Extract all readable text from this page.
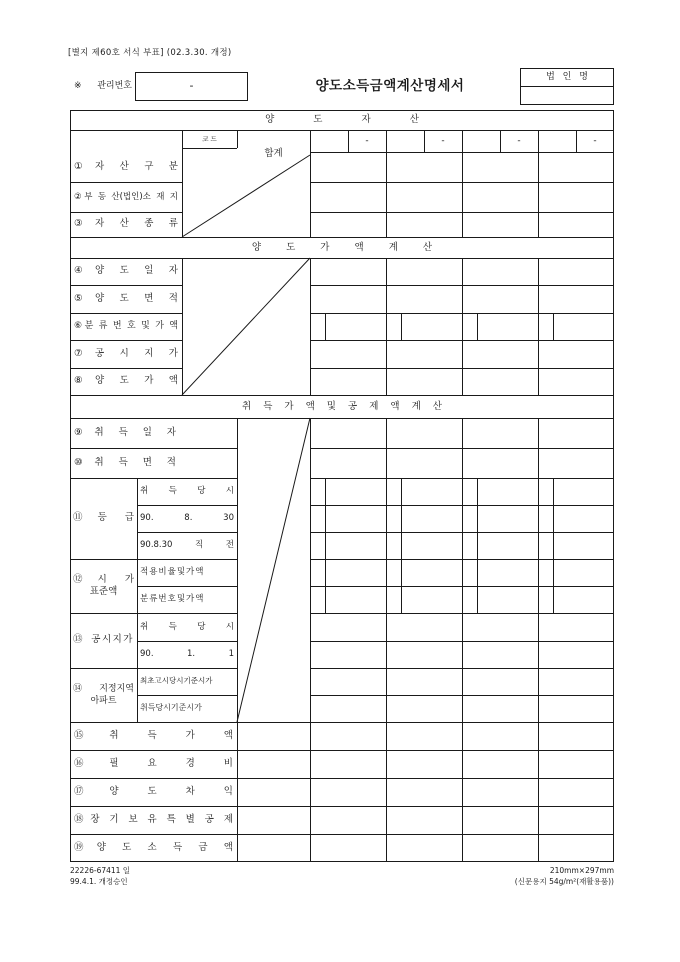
[별지 제60호 서식 부표] (02.3.30. 개정)
※관리번호	-	양도소득금액계산명세서
법 인 명
양 도 자 산
양 도 가 액 계 산
취 득 가 액 및 공 제 액 계 산
코 드
합계
-	-	-	-
①자 산 구 분
②부 동 산(법인)소 재 지
③자 산 종 류
④양 도 일 자
⑤양 도 면 적
⑥분 류 번 호 및 가 액
⑦공 시 지 가
⑧양 도 가 액
⑨취 득 일 자
⑩취 득 면 적
⑪등 급
취 득 당 시
90. 8. 30
90.8.30 직 전
⑫시 가
표준액
적용비율및가액
분류번호및가액
⑬공시지가
취 득 당 시
90. 1. 1
⑭지정지역
아파트
최초고시당시기준시가
취득당시기준시가
⑮취 득 가 액
⑯필 요 경 비
⑰양 도 차 익
⑱장 기 보 유 특 별 공 제
⑲양 도 소 득 금 액
22226-67411 일
99.4.1. 개정승인
210mm×297mm
(신문용지 54g/m²(재활용품))
